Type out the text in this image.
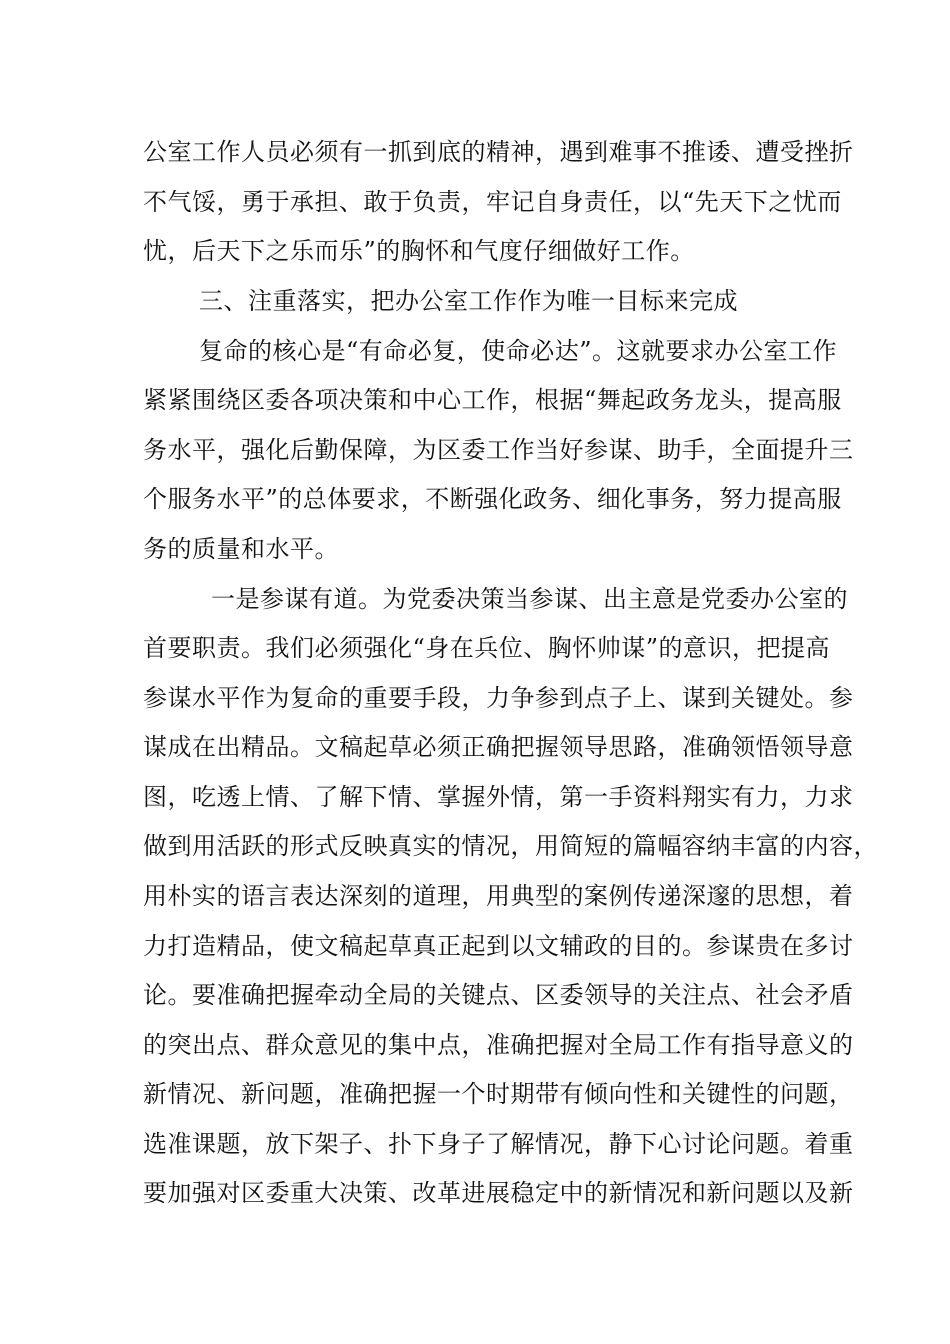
公室工作人员必须有一抓到底的精神，遇到难事不推诿、遭受挫折
不气馁，勇于承担、敢于负责，牢记自身责任，以“先天下之忧而
忧，后天下之乐而乐”的胸怀和气度仔细做好工作。
三、注重落实，把办公室工作作为唯一目标来完成
复命的核心是“有命必复，使命必达”。这就要求办公室工作
紧紧围绕区委各项决策和中心工作，根据“舞起政务龙头，提高服
务水平，强化后勤保障，为区委工作当好参谋、助手，全面提升三
个服务水平”的总体要求，不断强化政务、细化事务，努力提高服
务的质量和水平。
一是参谋有道。为党委决策当参谋、出主意是党委办公室的
首要职责。我们必须强化“身在兵位、胸怀帅谋”的意识，把提高
参谋水平作为复命的重要手段，力争参到点子上、谋到关键处。参
谋成在出精品。文稿起草必须正确把握领导思路，准确领悟领导意
图，吃透上情、了解下情、掌握外情，第一手资料翔实有力，力求
做到用活跃的形式反映真实的情况，用简短的篇幅容纳丰富的内容，
用朴实的语言表达深刻的道理，用典型的案例传递深邃的思想，着
力打造精品，使文稿起草真正起到以文辅政的目的。参谋贵在多讨
论。要准确把握牵动全局的关键点、区委领导的关注点、社会矛盾
的突出点、群众意见的集中点，准确把握对全局工作有指导意义的
新情况、新问题，准确把握一个时期带有倾向性和关键性的问题，
选准课题，放下架子、扑下身子了解情况，静下心讨论问题。着重
要加强对区委重大决策、改革进展稳定中的新情况和新问题以及新
